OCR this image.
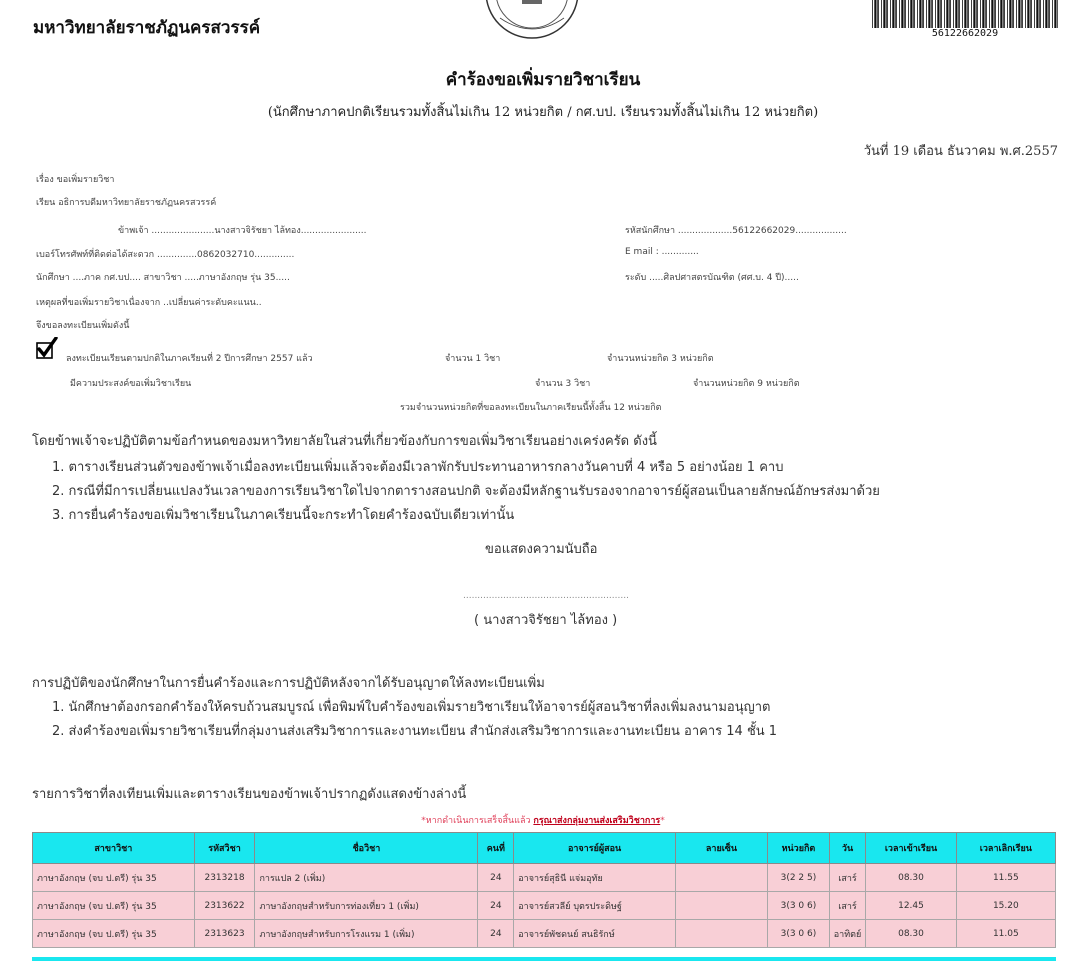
มหาวิทยาลัยราชภัฏนครสวรรค์	56122662029
คำร้องขอเพิ่มรายวิชาเรียน
(นักศึกษาภาคปกติเรียนรวมทั้งสิ้นไม่เกิน 12 หน่วยกิต / กศ.บป. เรียนรวมทั้งสิ้นไม่เกิน 12 หน่วยกิต)
วันที่ 19 เดือน ธันวาคม พ.ศ.2557
เรื่อง ขอเพิ่มรายวิชา
เรียน อธิการบดีมหาวิทยาลัยราชภัฏนครสวรรค์
ข้าพเจ้า ......................นางสาวจิรัชยา ไล้ทอง.......................	รหัสนักศึกษา ...................56122662029..................
เบอร์โทรศัพท์ที่ติดต่อได้สะดวก ..............0862032710..............	E mail : .............
นักศึกษา ....ภาค กศ.บป.... สาขาวิชา .....ภาษาอังกฤษ รุ่น 35.....	ระดับ .....ศิลปศาสตรบัณฑิต (ศศ.บ. 4 ปี).....
เหตุผลที่ขอเพิ่มรายวิชาเนื่องจาก ..เปลี่ยนค่าระดับคะแนน..
จึงขอลงทะเบียนเพิ่มดังนี้
ลงทะเบียนเรียนตามปกติในภาคเรียนที่ 2 ปีการศึกษา 2557 แล้ว	จำนวน 1 วิชา	จำนวนหน่วยกิต 3 หน่วยกิต
มีความประสงค์ขอเพิ่มวิชาเรียน	จำนวน 3 วิชา	จำนวนหน่วยกิต 9 หน่วยกิต
รวมจำนวนหน่วยกิตที่ขอลงทะเบียนในภาคเรียนนี้ทั้งสิ้น 12 หน่วยกิต
โดยข้าพเจ้าจะปฏิบัติตามข้อกำหนดของมหาวิทยาลัยในส่วนที่เกี่ยวข้องกับการขอเพิ่มวิชาเรียนอย่างเคร่งครัด ดังนี้
1. ตารางเรียนส่วนตัวของข้าพเจ้าเมื่อลงทะเบียนเพิ่มแล้วจะต้องมีเวลาพักรับประทานอาหารกลางวันคาบที่ 4 หรือ 5 อย่างน้อย 1 คาบ
2. กรณีที่มีการเปลี่ยนแปลงวันเวลาของการเรียนวิชาใดไปจากตารางสอนปกติ จะต้องมีหลักฐานรับรองจากอาจารย์ผู้สอนเป็นลายลักษณ์อักษรส่งมาด้วย
3. การยื่นคำร้องขอเพิ่มวิชาเรียนในภาคเรียนนี้จะกระทำโดยคำร้องฉบับเดียวเท่านั้น
ขอแสดงความนับถือ
..........................................................
( นางสาวจิรัชยา ไล้ทอง )
การปฏิบัติของนักศึกษาในการยื่นคำร้องและการปฏิบัติหลังจากได้รับอนุญาตให้ลงทะเบียนเพิ่ม
1. นักศึกษาต้องกรอกคำร้องให้ครบถ้วนสมบูรณ์ เพื่อพิมพ์ใบคำร้องขอเพิ่มรายวิชาเรียนให้อาจารย์ผู้สอนวิชาที่ลงเพิ่มลงนามอนุญาต
2. ส่งคำร้องขอเพิ่มรายวิชาเรียนที่กลุ่มงานส่งเสริมวิชาการและงานทะเบียน สำนักส่งเสริมวิชาการและงานทะเบียน อาคาร 14 ชั้น 1
รายการวิชาที่ลงเทียนเพิ่มและตารางเรียนของข้าพเจ้าปรากฏดังแสดงข้างล่างนี้
*หากดำเนินการเสร็จสิ้นแล้ว กรุณาส่งกลุ่มงานส่งเสริมวิชาการ*
สาขาวิชา	รหัสวิชา	ชื่อวิชา	คนที่	อาจารย์ผู้สอน	ลายเซ็น	หน่วยกิต	วัน	เวลาเข้าเรียน	เวลาเลิกเรียน
ภาษาอังกฤษ (จบ ป.ตรี) รุ่น 35	2313218	การแปล 2 (เพิ่ม)	24	อาจารย์สุธินี แจ่มอุทัย		3(2 2 5)	เสาร์	08.30	11.55
ภาษาอังกฤษ (จบ ป.ตรี) รุ่น 35	2313622	ภาษาอังกฤษสำหรับการท่องเที่ยว 1 (เพิ่ม)	24	อาจารย์สวลีย์ บุตรประดิษฐ์		3(3 0 6)	เสาร์	12.45	15.20
ภาษาอังกฤษ (จบ ป.ตรี) รุ่น 35	2313623	ภาษาอังกฤษสำหรับการโรงแรม 1 (เพิ่ม)	24	อาจารย์พัชดนย์ สนธิรักษ์		3(3 0 6)	อาทิตย์	08.30	11.05
